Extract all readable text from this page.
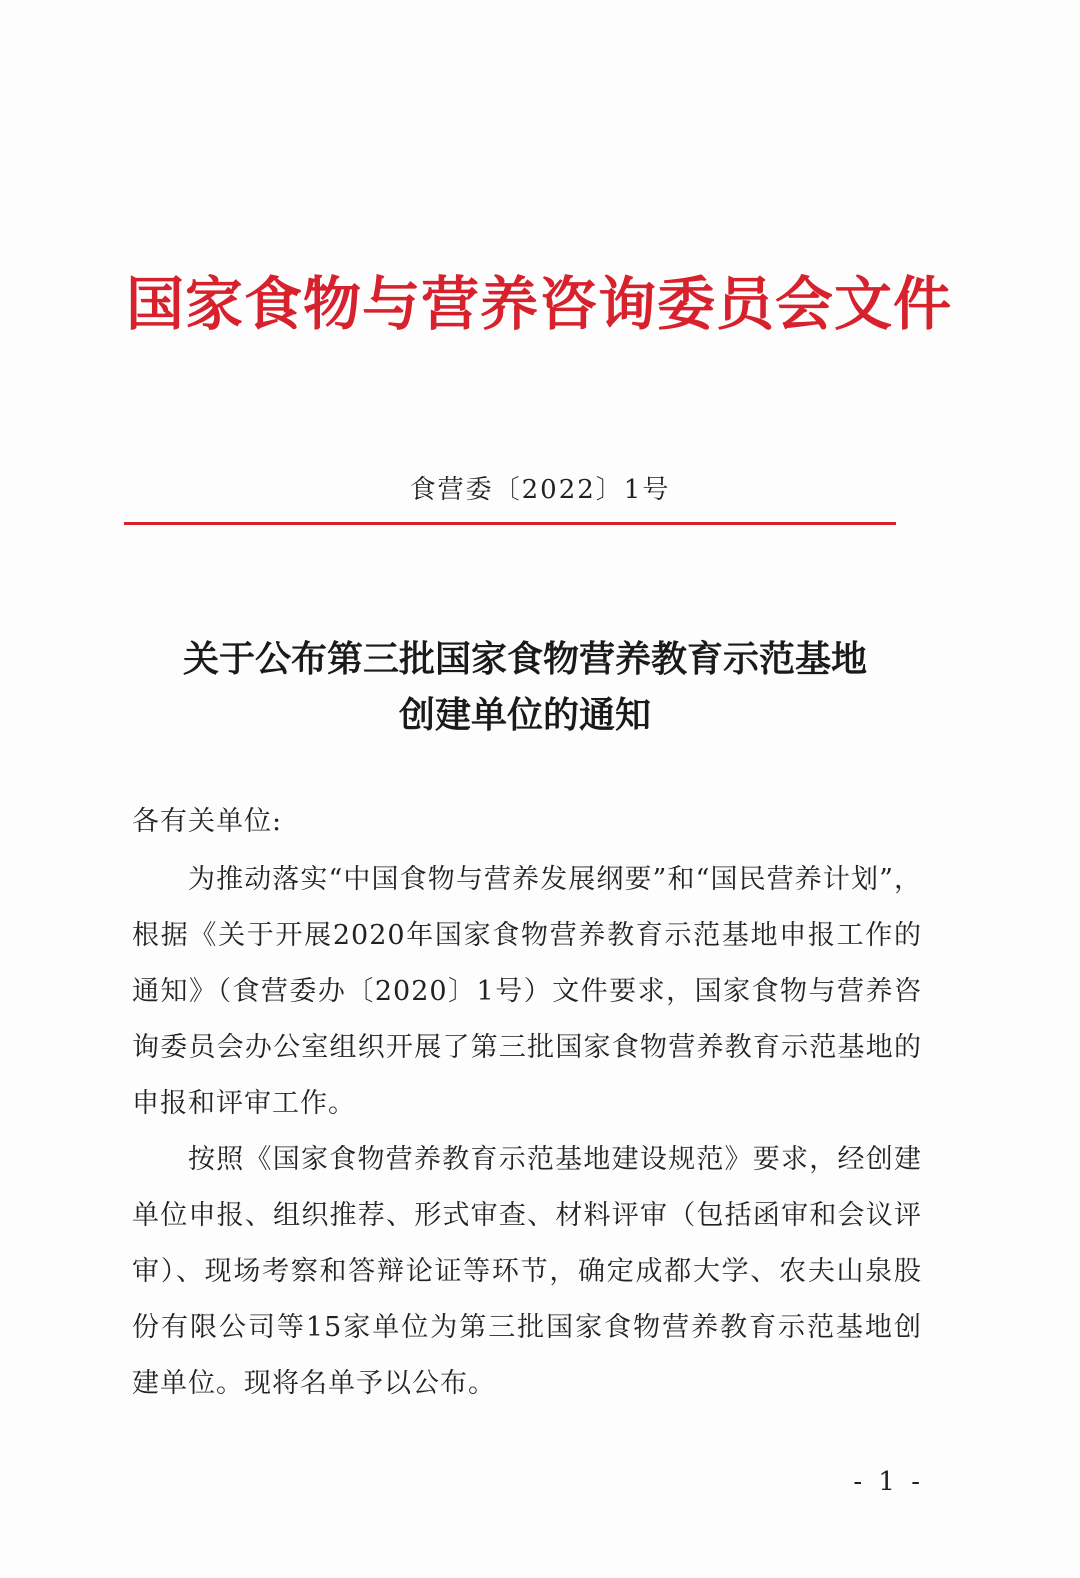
国家食物与营养咨询委员会文件
食营委〔2022〕1号
关于公布第三批国家食物营养教育示范基地
创建单位的通知
各有关单位:

为推动落实“中国食物与营养发展纲要”和“国民营养计划”，根据《关于开展2020年国家食物营养教育示范基地申报工作的通知》（食营委办〔2020〕1号）文件要求，国家食物与营养咨询委员会办公室组织开展了第三批国家食物营养教育示范基地的申报和评审工作。

按照《国家食物营养教育示范基地建设规范》要求，经创建单位申报、组织推荐、形式审查、材料评审（包括函审和会议评审）、现场考察和答辩论证等环节，确定成都大学、农夫山泉股份有限公司等15家单位为第三批国家食物营养教育示范基地创建单位。现将名单予以公布。

- 1 -
